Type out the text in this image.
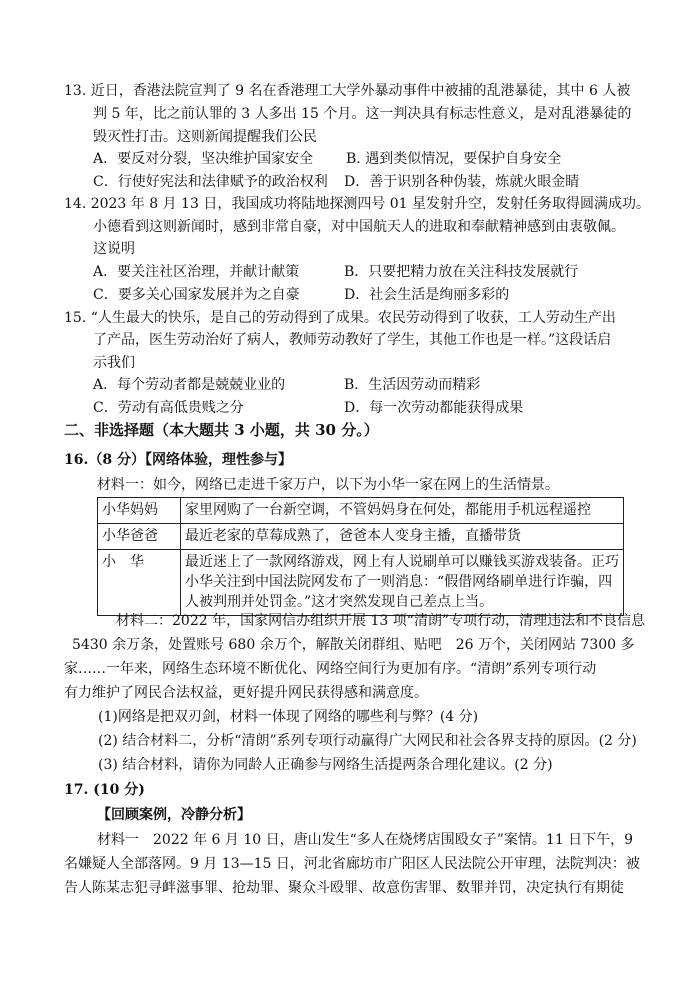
13. 近日，香港法院宣判了 9 名在香港理工大学外暴动事件中被捕的乱港暴徒，其中 6 人被
判 5 年，比之前认罪的 3 人多出 15 个月。这一判决具有标志性意义，是对乱港暴徒的
毁灭性打击。这则新闻提醒我们公民
A．要反对分裂，坚决维护国家安全 B. 遇到类似情况，要保护自身安全
C．行使好宪法和法律赋予的政治权利 D．善于识别各种伪装，炼就火眼金睛
14. 2023 年 8 月 13 日，我国成功将陆地探测四号 01 星发射升空，发射任务取得圆满成功。
小德看到这则新闻时，感到非常自豪，对中国航天人的进取和奉献精神感到由衷敬佩。
这说明
A．要关注社区治理，并献计献策	B．只要把精力放在关注科技发展就行
C．要多关心国家发展并为之自豪	D．社会生活是绚丽多彩的
15. “人生最大的快乐，是自己的劳动得到了成果。农民劳动得到了收获，工人劳动生产出
了产品，医生劳动治好了病人，教师劳动教好了学生，其他工作也是一样。”这段话启
示我们
A．每个劳动者都是兢兢业业的	B．生活因劳动而精彩
C．劳动有高低贵贱之分	D．每一次劳动都能获得成果
二、非选择题（本大题共 3 小题，共 30 分。）
16.（8 分）【网络体验，理性参与】
材料一：如今，网络已走进千家万户，以下为小华一家在网上的生活情景。
小华妈妈	家里网购了一台新空调，不管妈妈身在何处，都能用手机远程遥控
小华爸爸	最近老家的草莓成熟了，爸爸本人变身主播，直播带货
小　华	最近迷上了一款网络游戏，网上有人说刷单可以赚钱买游戏装备。正巧
小华关注到中国法院网发布了一则消息：“假借网络刷单进行诈骗，四
人被判刑并处罚金。”这才突然发现自己差点上当。
材料二：2022 年，国家网信办组织开展 13 项“清朗”专项行动，清理违法和不良信息
5430 余万条，处置账号 680 余万个，解散关闭群组、贴吧　26 万个，关闭网站 7300 多
家……一年来，网络生态环境不断优化、网络空间行为更加有序。“清朗”系列专项行动
有力维护了网民合法权益，更好提升网民获得感和满意度。
(1)网络是把双刃剑，材料一体现了网络的哪些利与弊？(4 分)
(2) 结合材料二，分析“清朗”系列专项行动赢得广大网民和社会各界支持的原因。(2 分)
(3) 结合材料，请你为同龄人正确参与网络生活提两条合理化建议。(2 分)
17. (10 分)
【回顾案例，冷静分析】
材料一　2022 年 6 月 10 日，唐山发生“多人在烧烤店围殴女子”案情。11 日下午，9
名嫌疑人全部落网。9 月 13—15 日，河北省廊坊市广阳区人民法院公开审理，法院判决：被
告人陈某志犯寻衅滋事罪、抢劫罪、聚众斗殴罪、故意伤害罪、数罪并罚，决定执行有期徒
